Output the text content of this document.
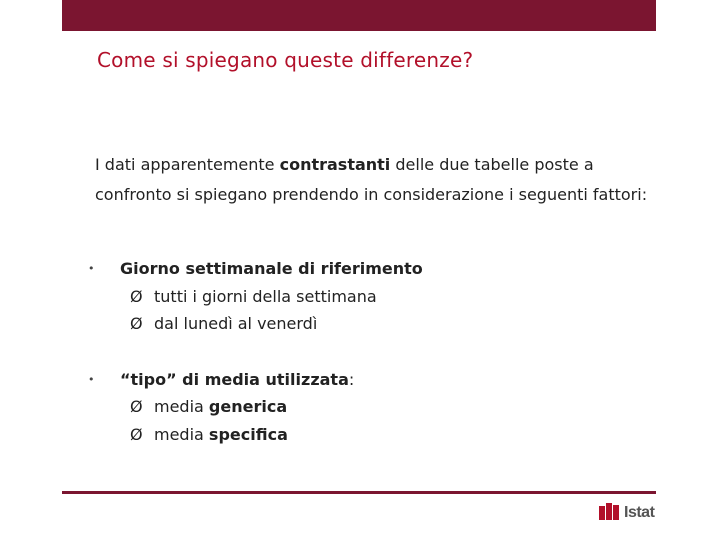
Come si spiegano queste differenze?
I dati apparentemente contrastanti delle due tabelle poste a confronto si spiegano prendendo in considerazione i seguenti fattori:
• Giorno settimanale di riferimento
Ø tutti i giorni della settimana
Ø dal lunedì al venerdì
• “tipo” di media utilizzata:
Ø media generica
Ø media specifica
Istat
